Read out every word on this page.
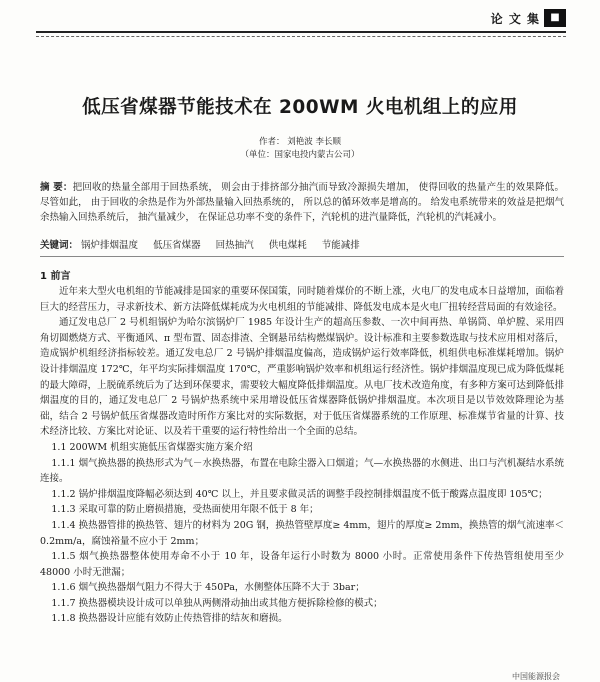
论 文 集	■
低压省煤器节能技术在 200WM 火电机组上的应用
作者： 刘艳波 李长顺
（单位：国家电投内蒙古公司）
摘 要：把回收的热量全部用于回热系统， 则会由于排挤部分抽汽而导致冷源损失增加， 使得回收的热量产生的效果降低。 尽管如此， 由于回收的余热是作为外部热量输入回热系统的， 所以总的循环效率是增高的。 给发电系统带来的效益是把烟气余热输入回热系统后， 抽汽量减少， 在保证总功率不变的条件下，汽轮机的进汽量降低，汽轮机的汽耗减小。
关键词： 锅炉排烟温度 低压省煤器 回热抽汽 供电煤耗 节能减排
1 前言

近年来大型火电机组的节能减排是国家的重要环保国策，同时随着煤价的不断上涨，火电厂的发电成本日益增加，面临着巨大的经营压力，寻求新技术、新方法降低煤耗成为火电机组的节能减排、降低发电成本是火电厂扭转经营局面的有效途径。

通辽发电总厂 2 号机组锅炉为哈尔滨锅炉厂 1985 年设计生产的超高压参数、一次中间再热、单锅筒、单炉膛、采用四角切圆燃烧方式、平衡通风、π 型布置、固态排渣、全钢悬吊结构燃煤锅炉。设计标准和主要参数选取与技术应用相对落后，造成锅炉机组经济指标较差。通辽发电总厂 2 号锅炉排烟温度偏高，造成锅炉运行效率降低，机组供电标准煤耗增加。锅炉设计排烟温度 172℃，年平均实际排烟温度 170℃，严重影响锅炉效率和机组运行经济性。锅炉排烟温度现已成为降低煤耗的最大障碍，上脱硫系统后为了达到环保要求，需要较大幅度降低排烟温度。从电厂技术改造角度，有多种方案可达到降低排烟温度的目的，通辽发电总厂 2 号锅炉热系统中采用增设低压省煤器降低锅炉排烟温度。本次项目是以节效效降理论为基础，结合 2 号锅炉低压省煤器改造时所作方案比对的实际数据，对于低压省煤器系统的工作原理、标准煤节省量的计算、技术经济比较、方案比对论证、以及若干重要的运行特性给出一个全面的总结。

1.1 200WM 机组实施低压省煤器实施方案介绍

1.1.1 烟气换热器的换热形式为气－水换热器，布置在电除尘器入口烟道；气—水换热器的水侧进、出口与汽机凝结水系统连接。

1.1.2 锅炉排烟温度降幅必须达到 40℃ 以上，并且要求做灵活的调整手段控制排烟温度不低于酸露点温度即 105℃；

1.1.3 采取可靠的防止磨损措施，受热面使用年限不低于 8 年；

1.1.4 换热器管排的换热管、翅片的材料为 20G 钢，换热管壁厚度≥ 4mm，翅片的厚度≥ 2mm，换热管的烟气流速率＜ 0.2mm/a，腐蚀裕量不应小于 2mm；

1.1.5 烟气换热器整体使用寿命不小于 10 年，设备年运行小时数为 8000 小时。正常使用条件下传热管组使用至少 48000 小时无泄漏；

1.1.6 烟气换热器烟气阻力不得大于 450Pa，水侧整体压降不大于 3bar；

1.1.7 换热器模块设计成可以单独从两侧滑动抽出或其他方便拆除检修的模式；

1.1.8 换热器设计应能有效防止传热管排的结灰和磨损。

中国能源报会
